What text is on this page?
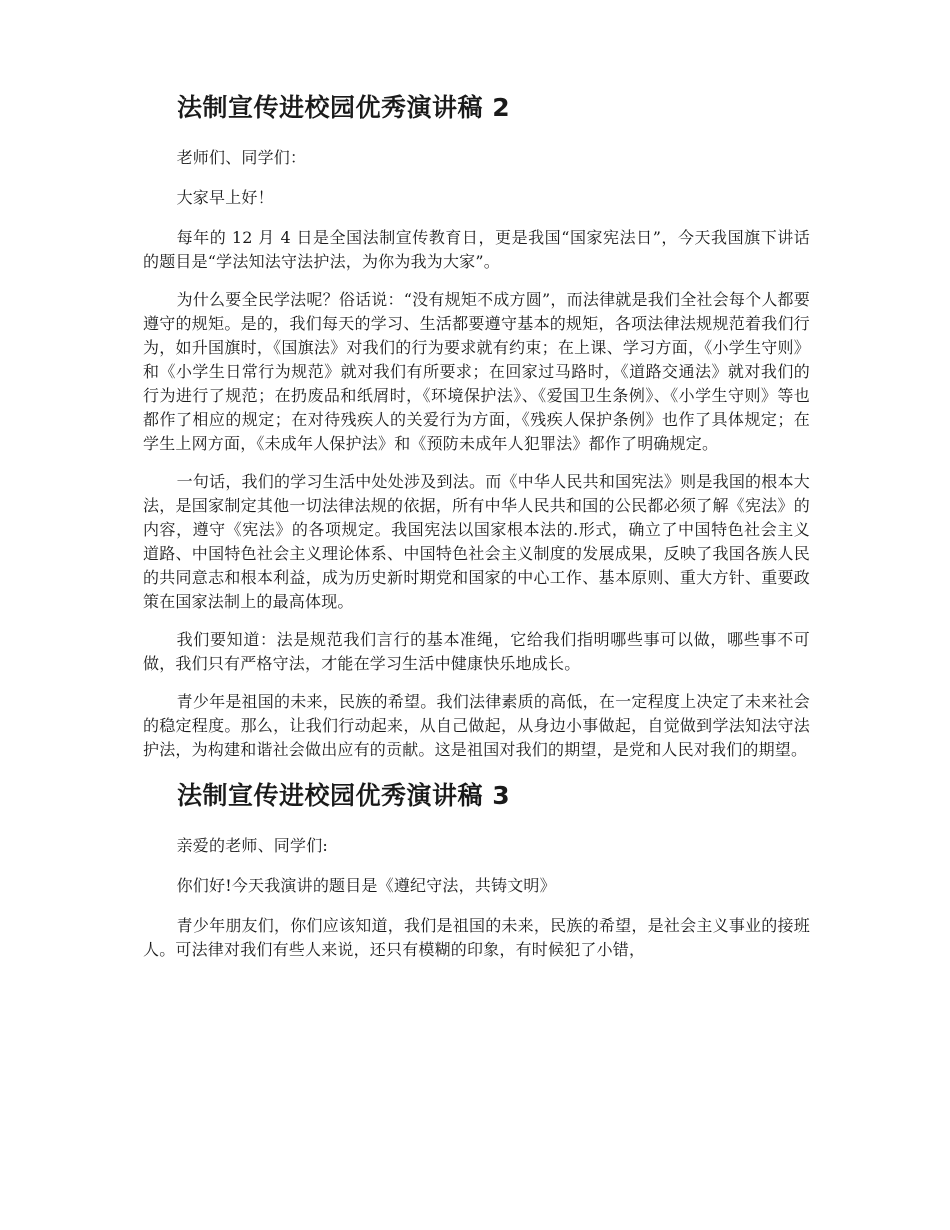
法制宣传进校园优秀演讲稿 2

老师们、同学们：

大家早上好！

每年的 12 月 4 日是全国法制宣传教育日，更是我国“国家宪法日”，今天我国旗下讲话的题目是“学法知法守法护法，为你为我为大家”。

为什么要全民学法呢？俗话说：“没有规矩不成方圆”，而法律就是我们全社会每个人都要遵守的规矩。是的，我们每天的学习、生活都要遵守基本的规矩，各项法律法规规范着我们行为，如升国旗时，《国旗法》对我们的行为要求就有约束；在上课、学习方面，《小学生守则》和《小学生日常行为规范》就对我们有所要求；在回家过马路时，《道路交通法》就对我们的行为进行了规范；在扔废品和纸屑时，《环境保护法》、《爱国卫生条例》、《小学生守则》等也都作了相应的规定；在对待残疾人的关爱行为方面，《残疾人保护条例》也作了具体规定；在学生上网方面，《未成年人保护法》和《预防未成年人犯罪法》都作了明确规定。

一句话，我们的学习生活中处处涉及到法。而《中华人民共和国宪法》则是我国的根本大法，是国家制定其他一切法律法规的依据，所有中华人民共和国的公民都必须了解《宪法》的内容，遵守《宪法》的各项规定。我国宪法以国家根本法的.形式，确立了中国特色社会主义道路、中国特色社会主义理论体系、中国特色社会主义制度的发展成果，反映了我国各族人民的共同意志和根本利益，成为历史新时期党和国家的中心工作、基本原则、重大方针、重要政策在国家法制上的最高体现。

我们要知道：法是规范我们言行的基本准绳，它给我们指明哪些事可以做，哪些事不可做，我们只有严格守法，才能在学习生活中健康快乐地成长。

青少年是祖国的未来，民族的希望。我们法律素质的高低，在一定程度上决定了未来社会的稳定程度。那么，让我们行动起来，从自己做起，从身边小事做起，自觉做到学法知法守法护法，为构建和谐社会做出应有的贡献。这是祖国对我们的期望，是党和人民对我们的期望。

法制宣传进校园优秀演讲稿 3

亲爱的老师、同学们:

你们好!今天我演讲的题目是《遵纪守法，共铸文明》

青少年朋友们，你们应该知道，我们是祖国的未来，民族的希望，是社会主义事业的接班人。可法律对我们有些人来说，还只有模糊的印象，有时候犯了小错，
